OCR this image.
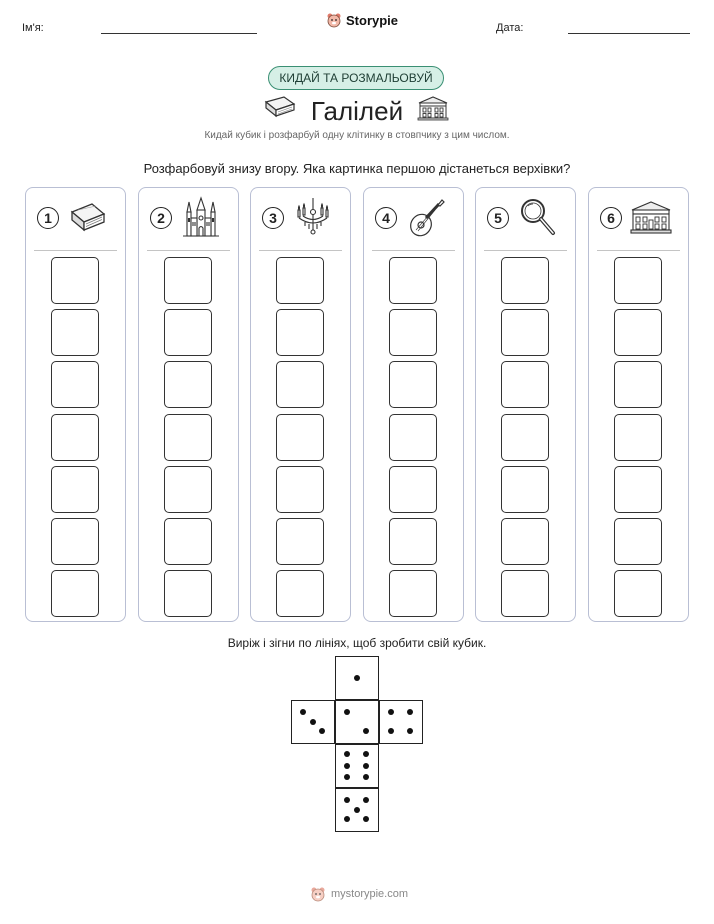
Ім'я:
Storypie
Дата:
КИДАЙ ТА РОЗМАЛЬОВУЙ
Галілей
Кидай кубик і розфарбуй одну клітинку в стовпчику з цим числом.
Розфарбовуй знизу вгору. Яка картинка першою дістанеться верхівки?
1	2	3	4	5	6
Виріж і зігни по лініях, щоб зробити свій кубик.
mystorypie.com
